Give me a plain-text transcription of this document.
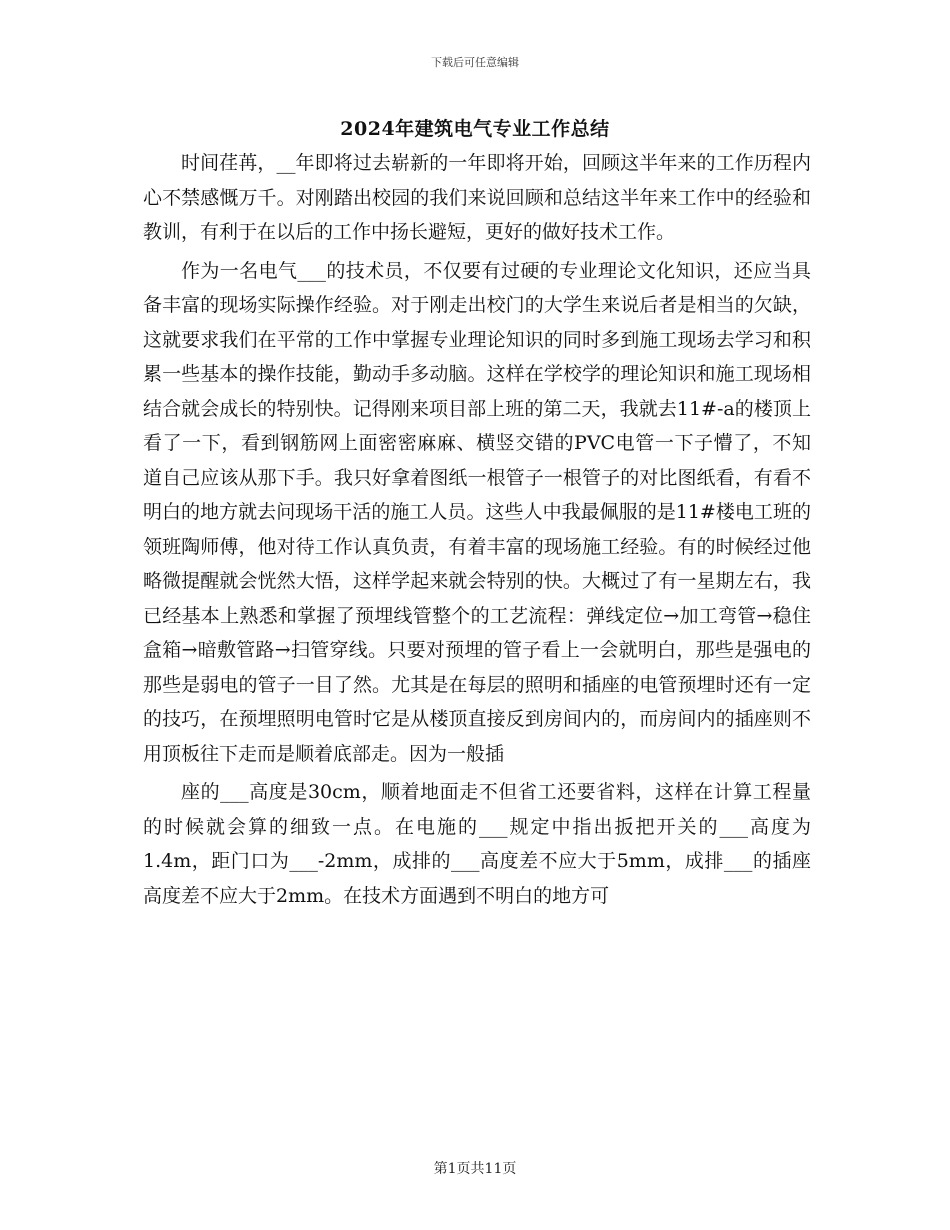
下载后可任意编辑
2024年建筑电气专业工作总结

时间荏苒，__年即将过去崭新的一年即将开始，回顾这半年来的工作历程内心不禁感慨万千。对刚踏出校园的我们来说回顾和总结这半年来工作中的经验和教训，有利于在以后的工作中扬长避短，更好的做好技术工作。

作为一名电气___的技术员，不仅要有过硬的专业理论文化知识，还应当具备丰富的现场实际操作经验。对于刚走出校门的大学生来说后者是相当的欠缺，这就要求我们在平常的工作中掌握专业理论知识的同时多到施工现场去学习和积累一些基本的操作技能，勤动手多动脑。这样在学校学的理论知识和施工现场相结合就会成长的特别快。记得刚来项目部上班的第二天，我就去11#-a的楼顶上看了一下，看到钢筋网上面密密麻麻、横竖交错的PVC电管一下子懵了，不知道自己应该从那下手。我只好拿着图纸一根管子一根管子的对比图纸看，有看不明白的地方就去问现场干活的施工人员。这些人中我最佩服的是11#楼电工班的领班陶师傅，他对待工作认真负责，有着丰富的现场施工经验。有的时候经过他略微提醒就会恍然大悟，这样学起来就会特别的快。大概过了有一星期左右，我已经基本上熟悉和掌握了预埋线管整个的工艺流程：弹线定位→加工弯管→稳住盒箱→暗敷管路→扫管穿线。只要对预埋的管子看上一会就明白，那些是强电的那些是弱电的管子一目了然。尤其是在每层的照明和插座的电管预埋时还有一定的技巧，在预埋照明电管时它是从楼顶直接反到房间内的，而房间内的插座则不用顶板往下走而是顺着底部走。因为一般插

座的___高度是30cm，顺着地面走不但省工还要省料，这样在计算工程量的时候就会算的细致一点。在电施的___规定中指出扳把开关的___高度为1.4m，距门口为___-2mm，成排的___高度差不应大于5mm，成排___的插座高度差不应大于2mm。在技术方面遇到不明白的地方可

第1页共11页
